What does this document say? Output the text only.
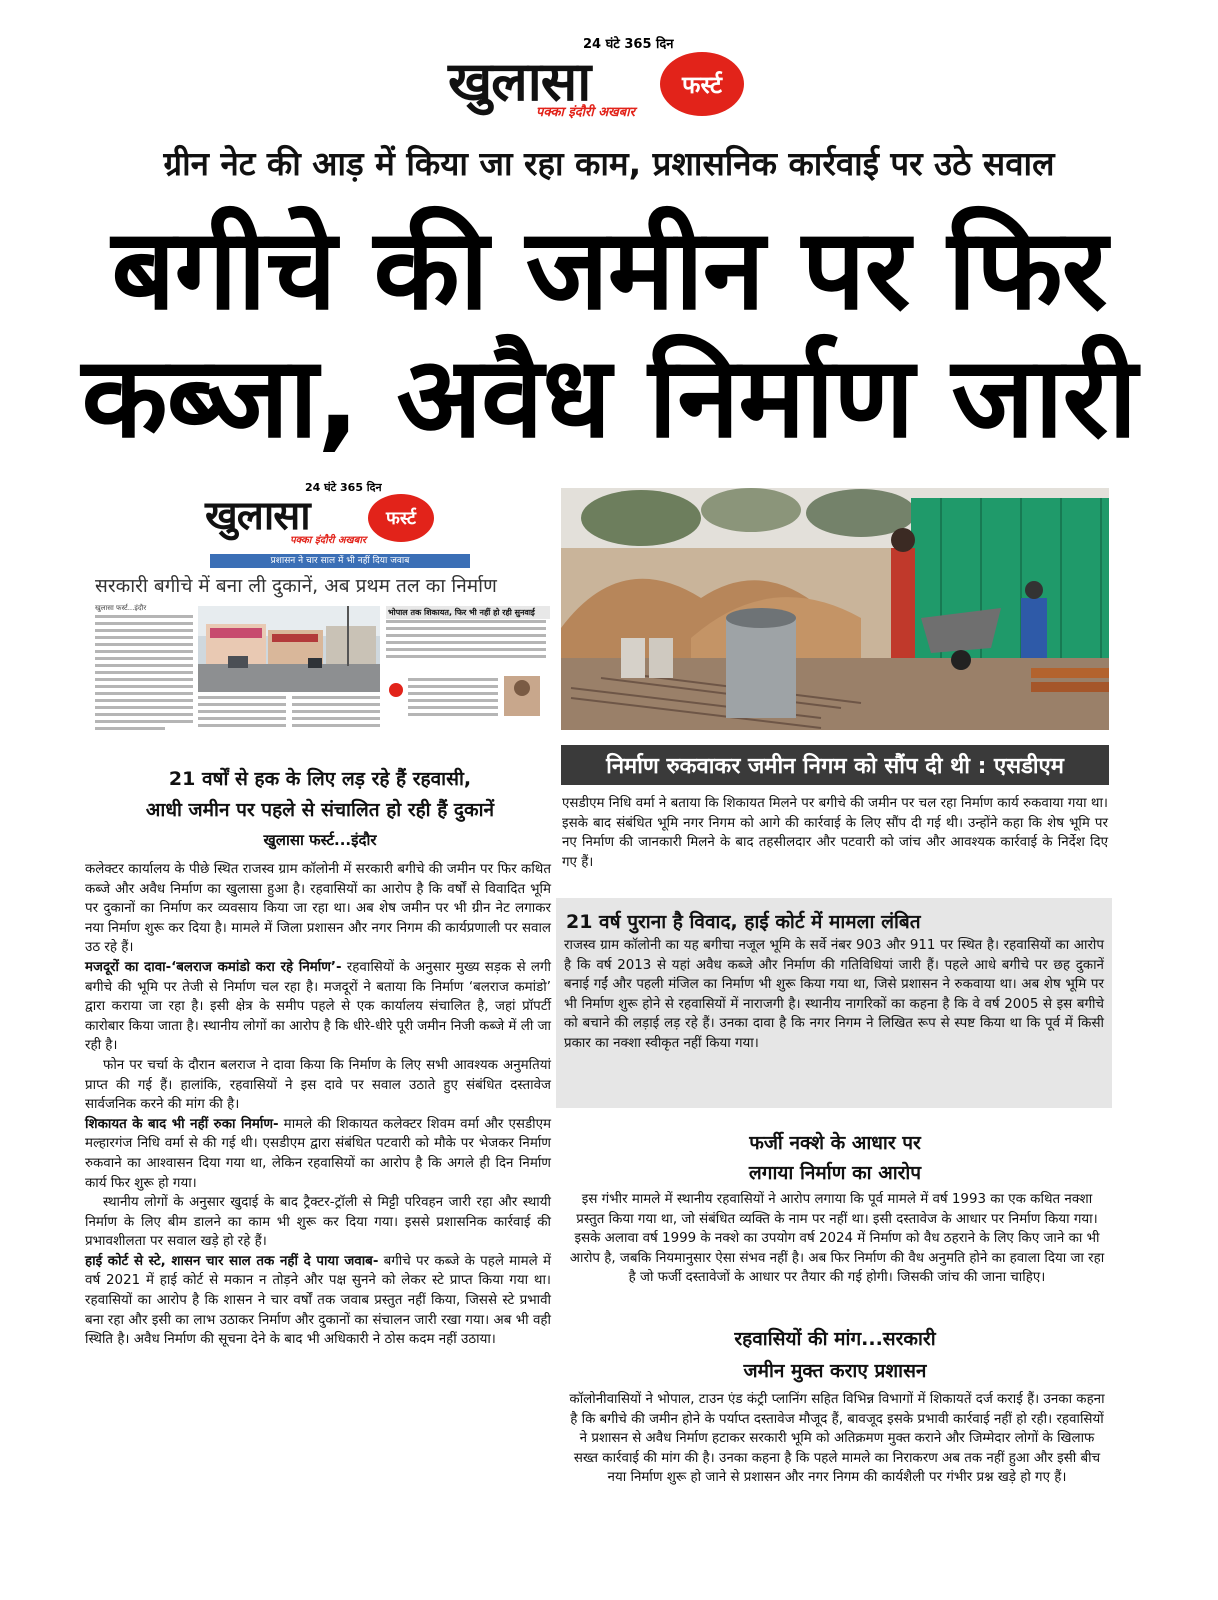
24 घंटे 365 दिन
खुलासा	फर्स्ट
पक्का इंदौरी अखबार
ग्रीन नेट की आड़ में किया जा रहा काम, प्रशासनिक कार्रवाई पर उठे सवाल
बगीचे की जमीन पर फिर
कब्जा, अवैध निर्माण जारी
24 घंटे 365 दिन
खुलासा	फर्स्ट
पक्का इंदौरी अखबार
प्रशासन ने चार साल में भी नहीं दिया जवाब
सरकारी बगीचे में बना ली दुकानें, अब प्रथम तल का निर्माण
खुलासा फर्स्ट...इंदौर	भोपाल तक शिकायत, फिर भी नहीं हो रही सुनवाई
निर्माण रुकवाकर जमीन निगम को सौंप दी थी : एसडीएम
21 वर्षों से हक के लिए लड़ रहे हैं रहवासी,
आधी जमीन पर पहले से संचालित हो रही हैं दुकानें
खुलासा फर्स्ट...इंदौर

कलेक्टर कार्यालय के पीछे स्थित राजस्व ग्राम कॉलोनी में सरकारी बगीचे की जमीन पर फिर कथित कब्जे और अवैध निर्माण का खुलासा हुआ है। रहवासियों का आरोप है कि वर्षों से विवादित भूमि पर दुकानों का निर्माण कर व्यवसाय किया जा रहा था। अब शेष जमीन पर भी ग्रीन नेट लगाकर नया निर्माण शुरू कर दिया है। मामले में जिला प्रशासन और नगर निगम की कार्यप्रणाली पर सवाल उठ रहे हैं।

मजदूरों का दावा-‘बलराज कमांडो करा रहे निर्माण’- रहवासियों के अनुसार मुख्य सड़क से लगी बगीचे की भूमि पर तेजी से निर्माण चल रहा है। मजदूरों ने बताया कि निर्माण ‘बलराज कमांडो’ द्वारा कराया जा रहा है। इसी क्षेत्र के समीप पहले से एक कार्यालय संचालित है, जहां प्रॉपर्टी कारोबार किया जाता है। स्थानीय लोगों का आरोप है कि धीरे-धीरे पूरी जमीन निजी कब्जे में ली जा रही है।

फोन पर चर्चा के दौरान बलराज ने दावा किया कि निर्माण के लिए सभी आवश्यक अनुमतियां प्राप्त की गई हैं। हालांकि, रहवासियों ने इस दावे पर सवाल उठाते हुए संबंधित दस्तावेज सार्वजनिक करने की मांग की है।

शिकायत के बाद भी नहीं रुका निर्माण- मामले की शिकायत कलेक्टर शिवम वर्मा और एसडीएम मल्हारगंज निधि वर्मा से की गई थी। एसडीएम द्वारा संबंधित पटवारी को मौके पर भेजकर निर्माण रुकवाने का आश्वासन दिया गया था, लेकिन रहवासियों का आरोप है कि अगले ही दिन निर्माण कार्य फिर शुरू हो गया।

स्थानीय लोगों के अनुसार खुदाई के बाद ट्रैक्टर-ट्रॉली से मिट्टी परिवहन जारी रहा और स्थायी निर्माण के लिए बीम डालने का काम भी शुरू कर दिया गया। इससे प्रशासनिक कार्रवाई की प्रभावशीलता पर सवाल खड़े हो रहे हैं।

हाई कोर्ट से स्टे, शासन चार साल तक नहीं दे पाया जवाब- बगीचे पर कब्जे के पहले मामले में वर्ष 2021 में हाई कोर्ट से मकान न तोड़ने और पक्ष सुनने को लेकर स्टे प्राप्त किया गया था। रहवासियों का आरोप है कि शासन ने चार वर्षों तक जवाब प्रस्तुत नहीं किया, जिससे स्टे प्रभावी बना रहा और इसी का लाभ उठाकर निर्माण और दुकानों का संचालन जारी रखा गया। अब भी वही स्थिति है। अवैध निर्माण की सूचना देने के बाद भी अधिकारी ने ठोस कदम नहीं उठाया।

एसडीएम निधि वर्मा ने बताया कि शिकायत मिलने पर बगीचे की जमीन पर चल रहा निर्माण कार्य रुकवाया गया था। इसके बाद संबंधित भूमि नगर निगम को आगे की कार्रवाई के लिए सौंप दी गई थी। उन्होंने कहा कि शेष भूमि पर नए निर्माण की जानकारी मिलने के बाद तहसीलदार और पटवारी को जांच और आवश्यक कार्रवाई के निर्देश दिए गए हैं।
21 वर्ष पुराना है विवाद, हाई कोर्ट में मामला लंबित
राजस्व ग्राम कॉलोनी का यह बगीचा नजूल भूमि के सर्वे नंबर 903 और 911 पर स्थित है। रहवासियों का आरोप है कि वर्ष 2013 से यहां अवैध कब्जे और निर्माण की गतिविधियां जारी हैं। पहले आधे बगीचे पर छह दुकानें बनाई गईं और पहली मंजिल का निर्माण भी शुरू किया गया था, जिसे प्रशासन ने रुकवाया था। अब शेष भूमि पर भी निर्माण शुरू होने से रहवासियों में नाराजगी है। स्थानीय नागरिकों का कहना है कि वे वर्ष 2005 से इस बगीचे को बचाने की लड़ाई लड़ रहे हैं। उनका दावा है कि नगर निगम ने लिखित रूप से स्पष्ट किया था कि पूर्व में किसी प्रकार का नक्शा स्वीकृत नहीं किया गया।
फर्जी नक्शे के आधार पर
लगाया निर्माण का आरोप
इस गंभीर मामले में स्थानीय रहवासियों ने आरोप लगाया कि पूर्व मामले में वर्ष 1993 का एक कथित नक्शा प्रस्तुत किया गया था, जो संबंधित व्यक्ति के नाम पर नहीं था। इसी दस्तावेज के आधार पर निर्माण किया गया। इसके अलावा वर्ष 1999 के नक्शे का उपयोग वर्ष 2024 में निर्माण को वैध ठहराने के लिए किए जाने का भी आरोप है, जबकि नियमानुसार ऐसा संभव नहीं है। अब फिर निर्माण की वैध अनुमति होने का हवाला दिया जा रहा है जो फर्जी दस्तावेजों के आधार पर तैयार की गई होगी। जिसकी जांच की जाना चाहिए।
रहवासियों की मांग...सरकारी
जमीन मुक्त कराए प्रशासन
कॉलोनीवासियों ने भोपाल, टाउन एंड कंट्री प्लानिंग सहित विभिन्न विभागों में शिकायतें दर्ज कराई हैं। उनका कहना है कि बगीचे की जमीन होने के पर्याप्त दस्तावेज मौजूद हैं, बावजूद इसके प्रभावी कार्रवाई नहीं हो रही। रहवासियों ने प्रशासन से अवैध निर्माण हटाकर सरकारी भूमि को अतिक्रमण मुक्त कराने और जिम्मेदार लोगों के खिलाफ सख्त कार्रवाई की मांग की है। उनका कहना है कि पहले मामले का निराकरण अब तक नहीं हुआ और इसी बीच नया निर्माण शुरू हो जाने से प्रशासन और नगर निगम की कार्यशैली पर गंभीर प्रश्न खड़े हो गए हैं।
